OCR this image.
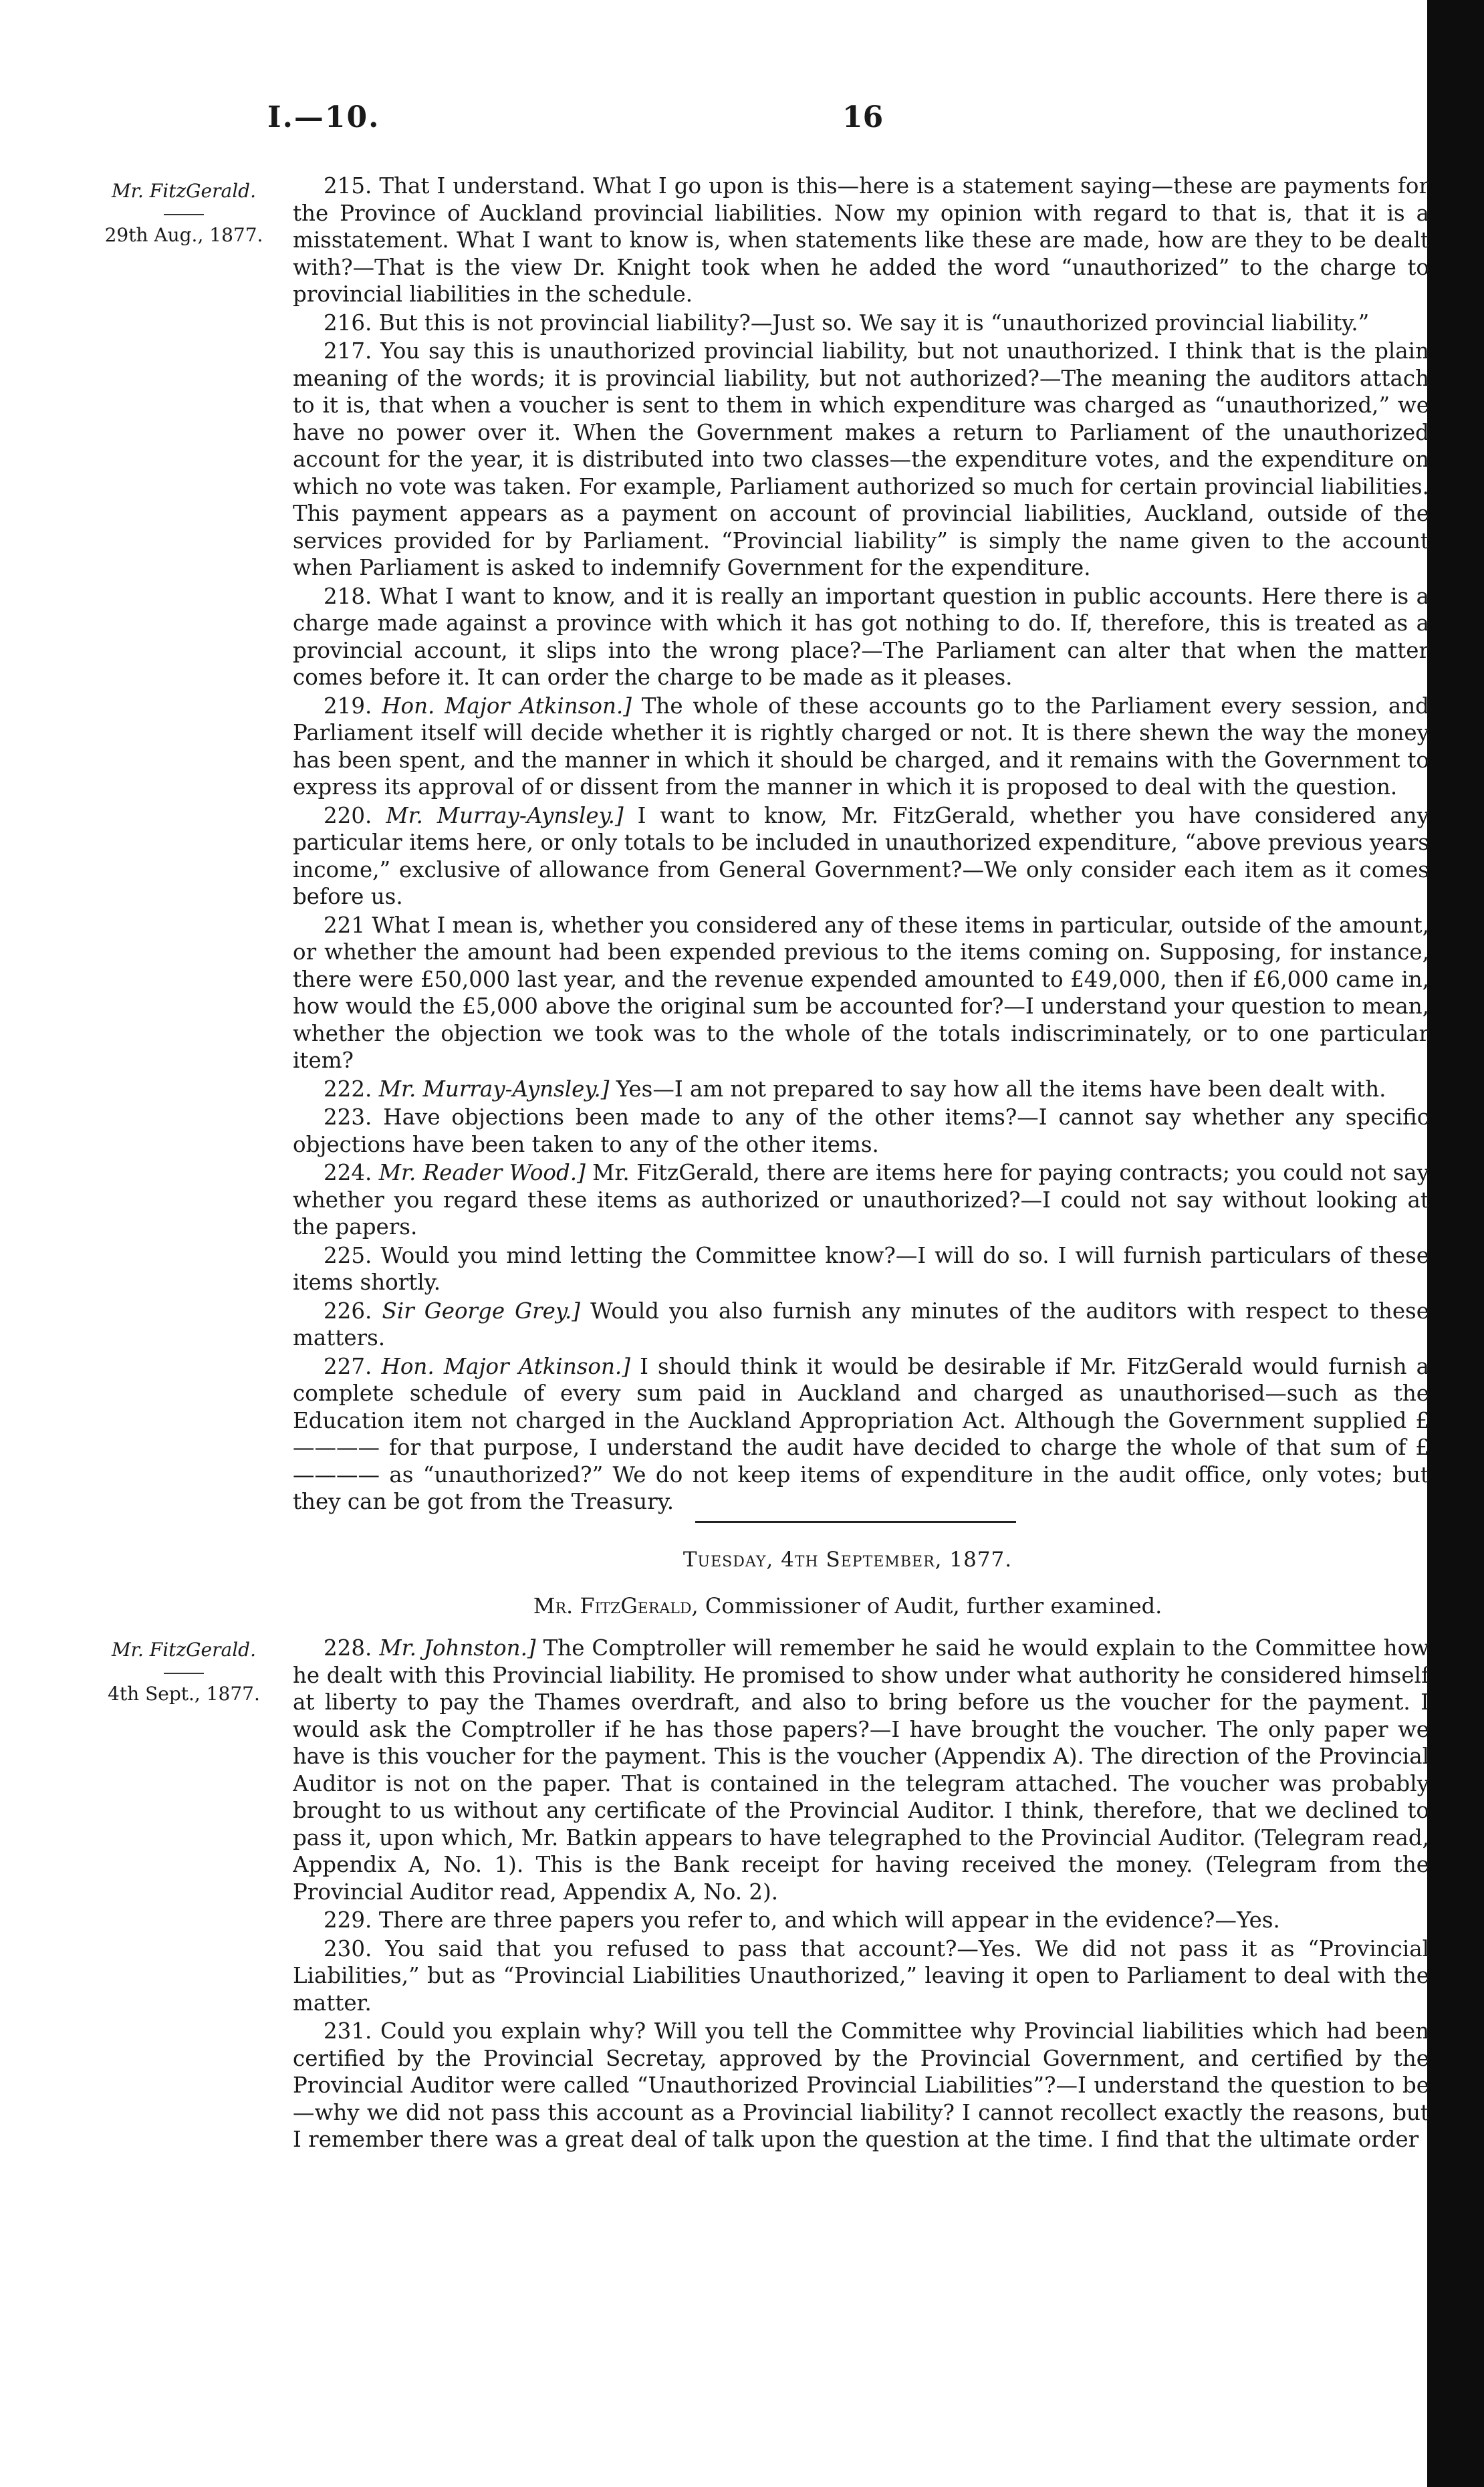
I.—10.	16
Mr. FitzGerald.
29th Aug., 1877.

215. That I understand. What I go upon is this—here is a statement saying—these are payments for the Province of Auckland provincial liabilities. Now my opinion with regard to that is, that it is a misstatement. What I want to know is, when statements like these are made, how are they to be dealt with?—That is the view Dr. Knight took when he added the word “unauthorized” to the charge to provincial liabilities in the schedule.

216. But this is not provincial liability?—Just so. We say it is “unauthorized provincial liability.”

217. You say this is unauthorized provincial liability, but not unauthorized. I think that is the plain meaning of the words; it is provincial liability, but not authorized?—The meaning the auditors attach to it is, that when a voucher is sent to them in which expenditure was charged as “unauthorized,” we have no power over it. When the Government makes a return to Parliament of the unauthorized account for the year, it is distributed into two classes—the expenditure votes, and the expenditure on which no vote was taken. For example, Parliament authorized so much for certain provincial liabilities. This payment appears as a payment on account of provincial liabilities, Auckland, outside of the services provided for by Parliament. “Provincial liability” is simply the name given to the account when Parliament is asked to indemnify Government for the expenditure.

218. What I want to know, and it is really an important question in public accounts. Here there is a charge made against a province with which it has got nothing to do. If, therefore, this is treated as a provincial account, it slips into the wrong place?—The Parliament can alter that when the matter comes before it. It can order the charge to be made as it pleases.

219. Hon. Major Atkinson.] The whole of these accounts go to the Parliament every session, and Parliament itself will decide whether it is rightly charged or not. It is there shewn the way the money has been spent, and the manner in which it should be charged, and it remains with the Government to express its approval of or dissent from the manner in which it is proposed to deal with the question.

220. Mr. Murray-Aynsley.] I want to know, Mr. FitzGerald, whether you have considered any particular items here, or only totals to be included in unauthorized expenditure, “above previous years income,” exclusive of allowance from General Government?—We only consider each item as it comes before us.

221 What I mean is, whether you considered any of these items in particular, outside of the amount, or whether the amount had been expended previous to the items coming on. Supposing, for instance, there were £50,000 last year, and the revenue expended amounted to £49,000, then if £6,000 came in, how would the £5,000 above the original sum be accounted for?—I understand your question to mean, whether the objection we took was to the whole of the totals indiscriminately, or to one particular item?

222. Mr. Murray-Aynsley.] Yes—I am not prepared to say how all the items have been dealt with.

223. Have objections been made to any of the other items?—I cannot say whether any specific objections have been taken to any of the other items.

224. Mr. Reader Wood.] Mr. FitzGerald, there are items here for paying contracts; you could not say whether you regard these items as authorized or unauthorized?—I could not say without looking at the papers.

225. Would you mind letting the Committee know?—I will do so. I will furnish particulars of these items shortly.

226. Sir George Grey.] Would you also furnish any minutes of the auditors with respect to these matters.

227. Hon. Major Atkinson.] I should think it would be desirable if Mr. FitzGerald would furnish a complete schedule of every sum paid in Auckland and charged as unauthorised—such as the Education item not charged in the Auckland Appropriation Act. Although the Government supplied £———— for that purpose, I understand the audit have decided to charge the whole of that sum of £———— as “unauthorized?” We do not keep items of expenditure in the audit office, only votes; but they can be got from the Treasury.

Tuesday, 4th September, 1877.
Mr. FitzGerald, Commissioner of Audit, further examined.
Mr. FitzGerald.
4th Sept., 1877.

228. Mr. Johnston.] The Comptroller will remember he said he would explain to the Committee how he dealt with this Provincial liability. He promised to show under what authority he considered himself at liberty to pay the Thames overdraft, and also to bring before us the voucher for the payment. I would ask the Comptroller if he has those papers?—I have brought the voucher. The only paper we have is this voucher for the payment. This is the voucher (Appendix A). The direction of the Provincial Auditor is not on the paper. That is contained in the telegram attached. The voucher was probably brought to us without any certificate of the Provincial Auditor. I think, therefore, that we declined to pass it, upon which, Mr. Batkin appears to have telegraphed to the Provincial Auditor. (Telegram read, Appendix A, No. 1). This is the Bank receipt for having received the money. (Telegram from the Provincial Auditor read, Appendix A, No. 2).

229. There are three papers you refer to, and which will appear in the evidence?—Yes.

230. You said that you refused to pass that account?—Yes. We did not pass it as “Provincial Liabilities,” but as “Provincial Liabilities Unauthorized,” leaving it open to Parliament to deal with the matter.

231. Could you explain why? Will you tell the Committee why Provincial liabilities which had been certified by the Provincial Secretay, approved by the Provincial Government, and certified by the Provincial Auditor were called “Unauthorized Provincial Liabilities”?—I understand the question to be—why we did not pass this account as a Provincial liability? I cannot recollect exactly the reasons, but I remember there was a great deal of talk upon the question at the time. I find that the ultimate order
